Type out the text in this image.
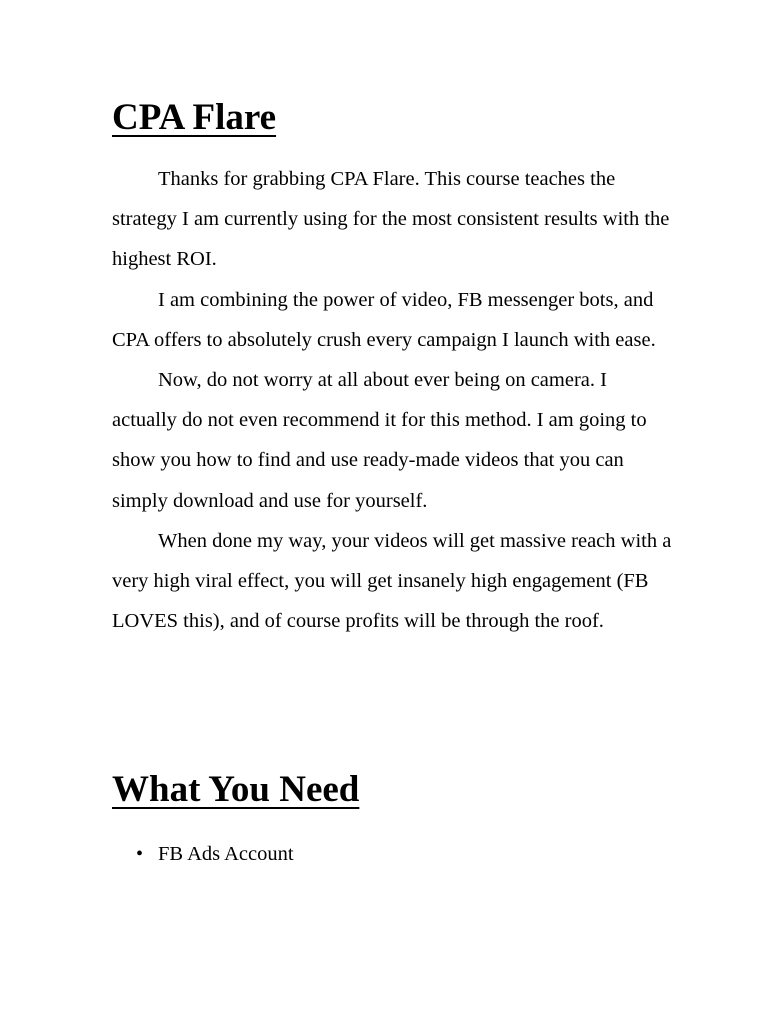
CPA Flare

Thanks for grabbing CPA Flare. This course teaches the strategy I am currently using for the most consistent results with the highest ROI.

I am combining the power of video, FB messenger bots, and CPA offers to absolutely crush every campaign I launch with ease.

Now, do not worry at all about ever being on camera. I actually do not even recommend it for this method. I am going to show you how to find and use ready-made videos that you can simply download and use for yourself.

When done my way, your videos will get massive reach with a very high viral effect, you will get insanely high engagement (FB LOVES this), and of course profits will be through the roof.

What You Need
• FB Ads Account
